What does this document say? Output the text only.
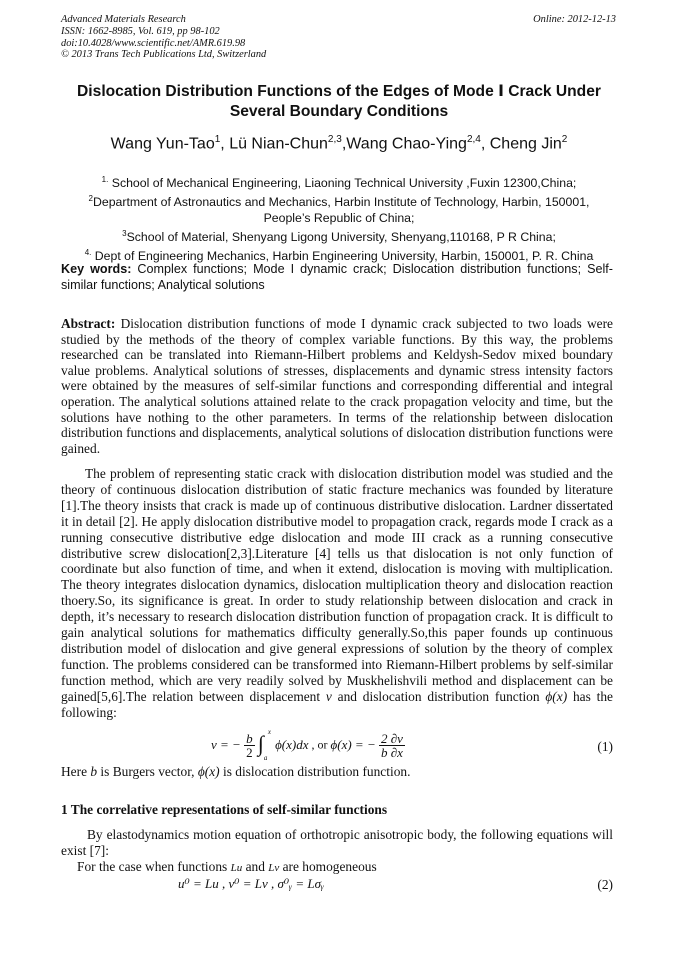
Advanced Materials Research
ISSN: 1662-8985, Vol. 619, pp 98-102
doi:10.4028/www.scientific.net/AMR.619.98
© 2013 Trans Tech Publications Ltd, Switzerland
Online: 2012-12-13
Dislocation Distribution Functions of the Edges of Mode Ⅰ Crack Under
Several Boundary Conditions
Wang Yun-Tao$^1$, Lü Nian-Chun$^{2,3}$,Wang Chao-Ying$^{2,4}$, Cheng Jin$^2$
$^{1.}$ School of Mechanical Engineering, Liaoning Technical University ,Fuxin 12300,China;
$^2$Department of Astronautics and Mechanics, Harbin Institute of Technology, Harbin, 150001,
People’s Republic of China;
$^3$School of Material, Shenyang Ligong University, Shenyang,110168, P R China;
$^{4.}$ Dept of Engineering Mechanics, Harbin Engineering University, Harbin, 150001, P. R. China
Key words: Complex functions; Mode I dynamic crack; Dislocation distribution functions; Self-similar functions; Analytical solutions
Abstract: Dislocation distribution functions of mode I dynamic crack subjected to two loads were studied by the methods of the theory of complex variable functions. By this way, the problems researched can be translated into Riemann-Hilbert problems and Keldysh-Sedov mixed boundary value problems. Analytical solutions of stresses, displacements and dynamic stress intensity factors were obtained by the measures of self-similar functions and corresponding differential and integral operation. The analytical solutions attained relate to the crack propagation velocity and time, but the solutions have nothing to the other parameters. In terms of the relationship between dislocation distribution functions and displacements, analytical solutions of dislocation distribution functions were gained.
The problem of representing static crack with dislocation distribution model was studied and the theory of continuous dislocation distribution of static fracture mechanics was founded by literature [1].The theory insists that crack is made up of continuous distributive dislocation. Lardner dissertated it in detail [2]. He apply dislocation distributive model to propagation crack, regards mode Ⅰ crack as a running consecutive distributive edge dislocation and mode III crack as a running consecutive distributive screw dislocation[2,3].Literature [4] tells us that dislocation is not only function of coordinate but also function of time, and when it extend, dislocation is moving with multiplication. The theory integrates dislocation dynamics, dislocation multiplication theory and dislocation reaction thoery.So, its significance is great. In order to study relationship between dislocation and crack in depth, it’s necessary to research dislocation distribution function of propagation crack. It is difficult to gain analytical solutions for mathematics difficulty generally.So,this paper founds up continuous distribution model of dislocation and give general expressions of solution by the theory of complex function. The problems considered can be transformed into Riemann-Hilbert problems by self-similar function method, which are very readily solved by Muskhelishvili method and displacement can be gained[5,6].The relation between displacement v and dislocation distribution function ϕ(x) has the following:
v = − $\frac{b}{2}$
∫ x
a
ϕ(x)dx , or ϕ(x) = − $\frac{2 \partial v}{b \partial x}$	(1)
Here b is Burgers vector, ϕ(x) is dislocation distribution function.
1 The correlative representations of self-similar functions
By elastodynamics motion equation of orthotropic anisotropic body, the following equations will exist [7]:
For the case when functions Lu and Lv are homogeneous
u⁰ = Lu , v⁰ = Lv , σ⁰ᵧ = Lσᵧ	(2)
